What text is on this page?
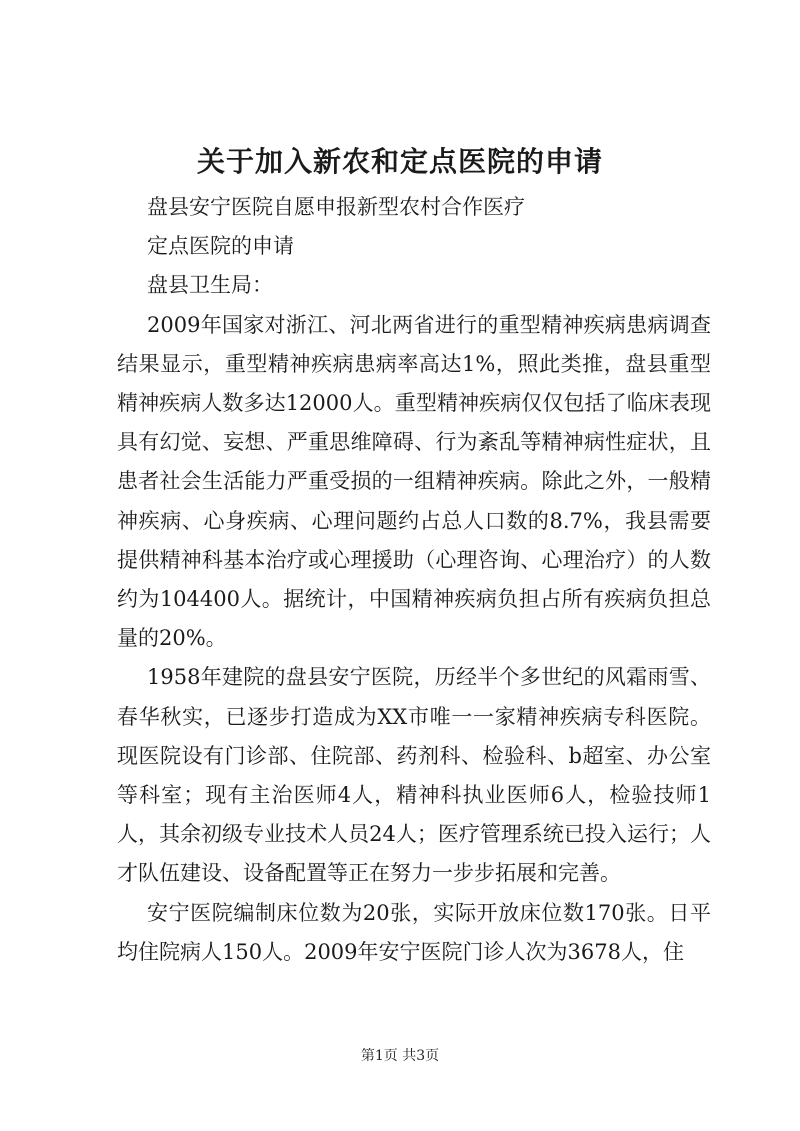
关于加入新农和定点医院的申请

盘县安宁医院自愿申报新型农村合作医疗

定点医院的申请

盘县卫生局：

2009年国家对浙江、河北两省进行的重型精神疾病患病调查结果显示，重型精神疾病患病率高达1%，照此类推，盘县重型精神疾病人数多达12000人。重型精神疾病仅仅包括了临床表现具有幻觉、妄想、严重思维障碍、行为紊乱等精神病性症状，且患者社会生活能力严重受损的一组精神疾病。除此之外，一般精神疾病、心身疾病、心理问题约占总人口数的8.7%，我县需要提供精神科基本治疗或心理援助（心理咨询、心理治疗）的人数约为104400人。据统计，中国精神疾病负担占所有疾病负担总量的20%。

1958年建院的盘县安宁医院，历经半个多世纪的风霜雨雪、春华秋实，已逐步打造成为XX市唯一一家精神疾病专科医院。现医院设有门诊部、住院部、药剂科、检验科、b超室、办公室等科室；现有主治医师4人，精神科执业医师6人，检验技师1人，其余初级专业技术人员24人；医疗管理系统已投入运行；人才队伍建设、设备配置等正在努力一步步拓展和完善。

安宁医院编制床位数为20张，实际开放床位数170张。日平均住院病人150人。2009年安宁医院门诊人次为3678人，住

第1页 共3页
